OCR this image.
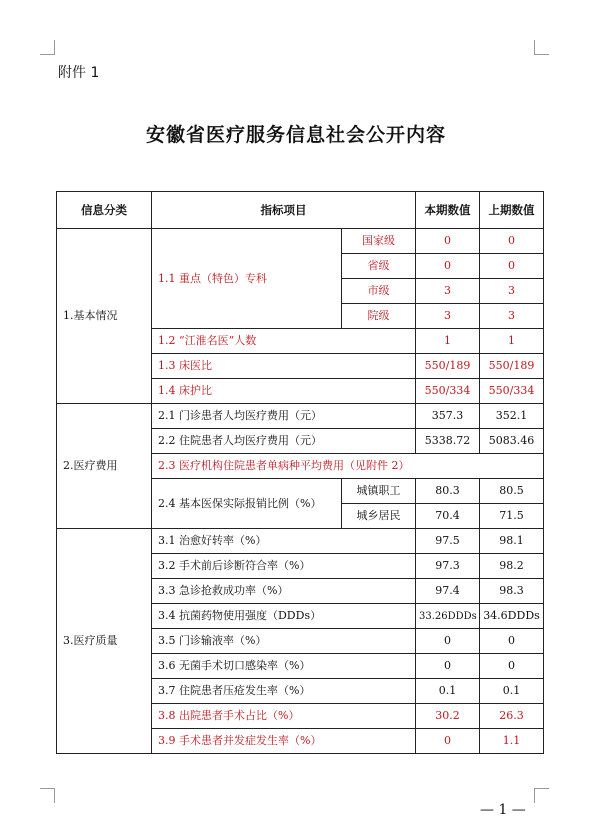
附件 1
安徽省医疗服务信息社会公开内容
信息分类	指标项目		本期数值	上期数值
1.基本情况	1.1 重点（特色）专科	国家级	0	0
		省级	0	0
		市级	3	3
		院级	3	3
	1.2 “江淮名医”人数		1	1
	1.3 床医比		550/189	550/189
	1.4 床护比		550/334	550/334
2.医疗费用	2.1 门诊患者人均医疗费用（元）		357.3	352.1
	2.2 住院患者人均医疗费用（元）		5338.72	5083.46
	2.3 医疗机构住院患者单病种平均费用（见附件 2）			
	2.4 基本医保实际报销比例（%）	城镇职工	80.3	80.5
		城乡居民	70.4	71.5
3.医疗质量	3.1 治愈好转率（%）		97.5	98.1
	3.2 手术前后诊断符合率（%）		97.3	98.2
	3.3 急诊抢救成功率（%）		97.4	98.3
	3.4 抗菌药物使用强度（DDDs）		33.26DDDs	34.6DDDs
	3.5 门诊输液率（%）		0	0
	3.6 无菌手术切口感染率（%）		0	0
	3.7 住院患者压疮发生率（%）		0.1	0.1
	3.8 出院患者手术占比（%）		30.2	26.3
	3.9 手术患者并发症发生率（%）		0	1.1
— 1 —
